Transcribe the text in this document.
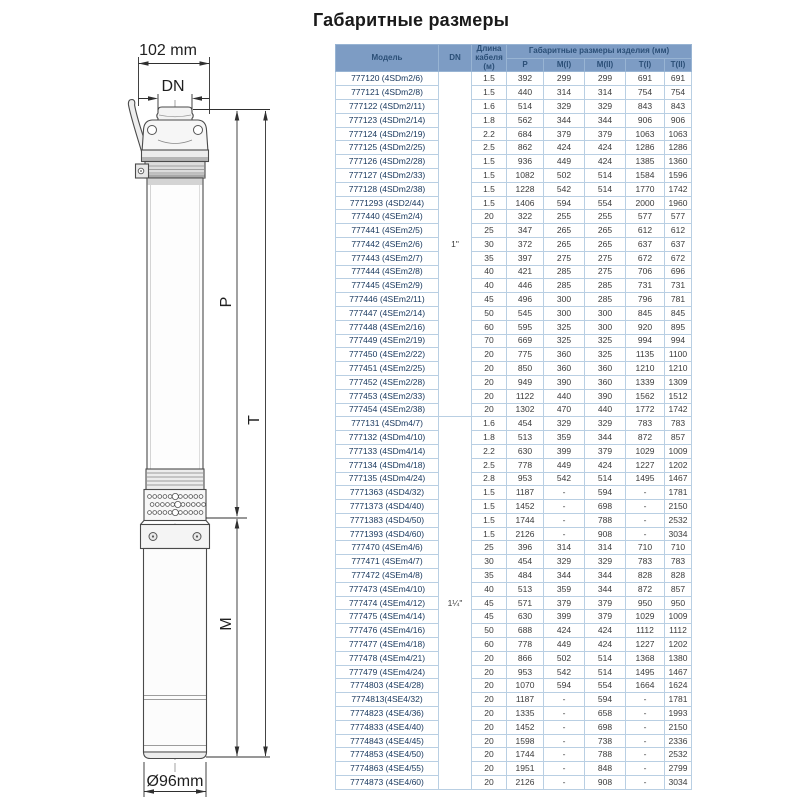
Габаритные размеры
102 mm
DN
P
M
T
Ø96mm
Модель	DN	Длина кабеля (м)	Габаритные размеры изделия (мм)				
			P	M(I)	M(II)	T(I)	T(II)
777120 (4SDm2/6)	1"	1.5	392	299	299	691	691
777121 (4SDm2/8)		1.5	440	314	314	754	754
777122 (4SDm2/11)		1.6	514	329	329	843	843
777123 (4SDm2/14)		1.8	562	344	344	906	906
777124 (4SDm2/19)		2.2	684	379	379	1063	1063
777125 (4SDm2/25)		2.5	862	424	424	1286	1286
777126 (4SDm2/28)		1.5	936	449	424	1385	1360
777127 (4SDm2/33)		1.5	1082	502	514	1584	1596
777128 (4SDm2/38)		1.5	1228	542	514	1770	1742
7771293 (4SD2/44)		1.5	1406	594	554	2000	1960
777440 (4SEm2/4)		20	322	255	255	577	577
777441 (4SEm2/5)		25	347	265	265	612	612
777442 (4SEm2/6)		30	372	265	265	637	637
777443 (4SEm2/7)		35	397	275	275	672	672
777444 (4SEm2/8)		40	421	285	275	706	696
777445 (4SEm2/9)		40	446	285	285	731	731
777446 (4SEm2/11)		45	496	300	285	796	781
777447 (4SEm2/14)		50	545	300	300	845	845
777448 (4SEm2/16)		60	595	325	300	920	895
777449 (4SEm2/19)		70	669	325	325	994	994
777450 (4SEm2/22)		20	775	360	325	1135	1100
777451 (4SEm2/25)		20	850	360	360	1210	1210
777452 (4SEm2/28)		20	949	390	360	1339	1309
777453 (4SEm2/33)		20	1122	440	390	1562	1512
777454 (4SEm2/38)		20	1302	470	440	1772	1742
777131 (4SDm4/7)	1¼"	1.6	454	329	329	783	783
777132 (4SDm4/10)		1.8	513	359	344	872	857
777133 (4SDm4/14)		2.2	630	399	379	1029	1009
777134 (4SDm4/18)		2.5	778	449	424	1227	1202
777135 (4SDm4/24)		2.8	953	542	514	1495	1467
7771363 (4SD4/32)		1.5	1187	-	594	-	1781
7771373 (4SD4/40)		1.5	1452	-	698	-	2150
7771383 (4SD4/50)		1.5	1744	-	788	-	2532
7771393 (4SD4/60)		1.5	2126	-	908	-	3034
777470 (4SEm4/6)		25	396	314	314	710	710
777471 (4SEm4/7)		30	454	329	329	783	783
777472 (4SEm4/8)		35	484	344	344	828	828
777473 (4SEm4/10)		40	513	359	344	872	857
777474 (4SEm4/12)		45	571	379	379	950	950
777475 (4SEm4/14)		45	630	399	379	1029	1009
777476 (4SEm4/16)		50	688	424	424	1112	1112
777477 (4SEm4/18)		60	778	449	424	1227	1202
777478 (4SEm4/21)		20	866	502	514	1368	1380
777479 (4SEm4/24)		20	953	542	514	1495	1467
7774803 (4SE4/28)		20	1070	594	554	1664	1624
7774813(4SE4/32)		20	1187	-	594	-	1781
7774823 (4SE4/36)		20	1335	-	658	-	1993
7774833 (4SE4/40)		20	1452	-	698	-	2150
7774843 (4SE4/45)		20	1598	-	738	-	2336
7774853 (4SE4/50)		20	1744	-	788	-	2532
7774863 (4SE4/55)		20	1951	-	848	-	2799
7774873 (4SE4/60)		20	2126	-	908	-	3034
